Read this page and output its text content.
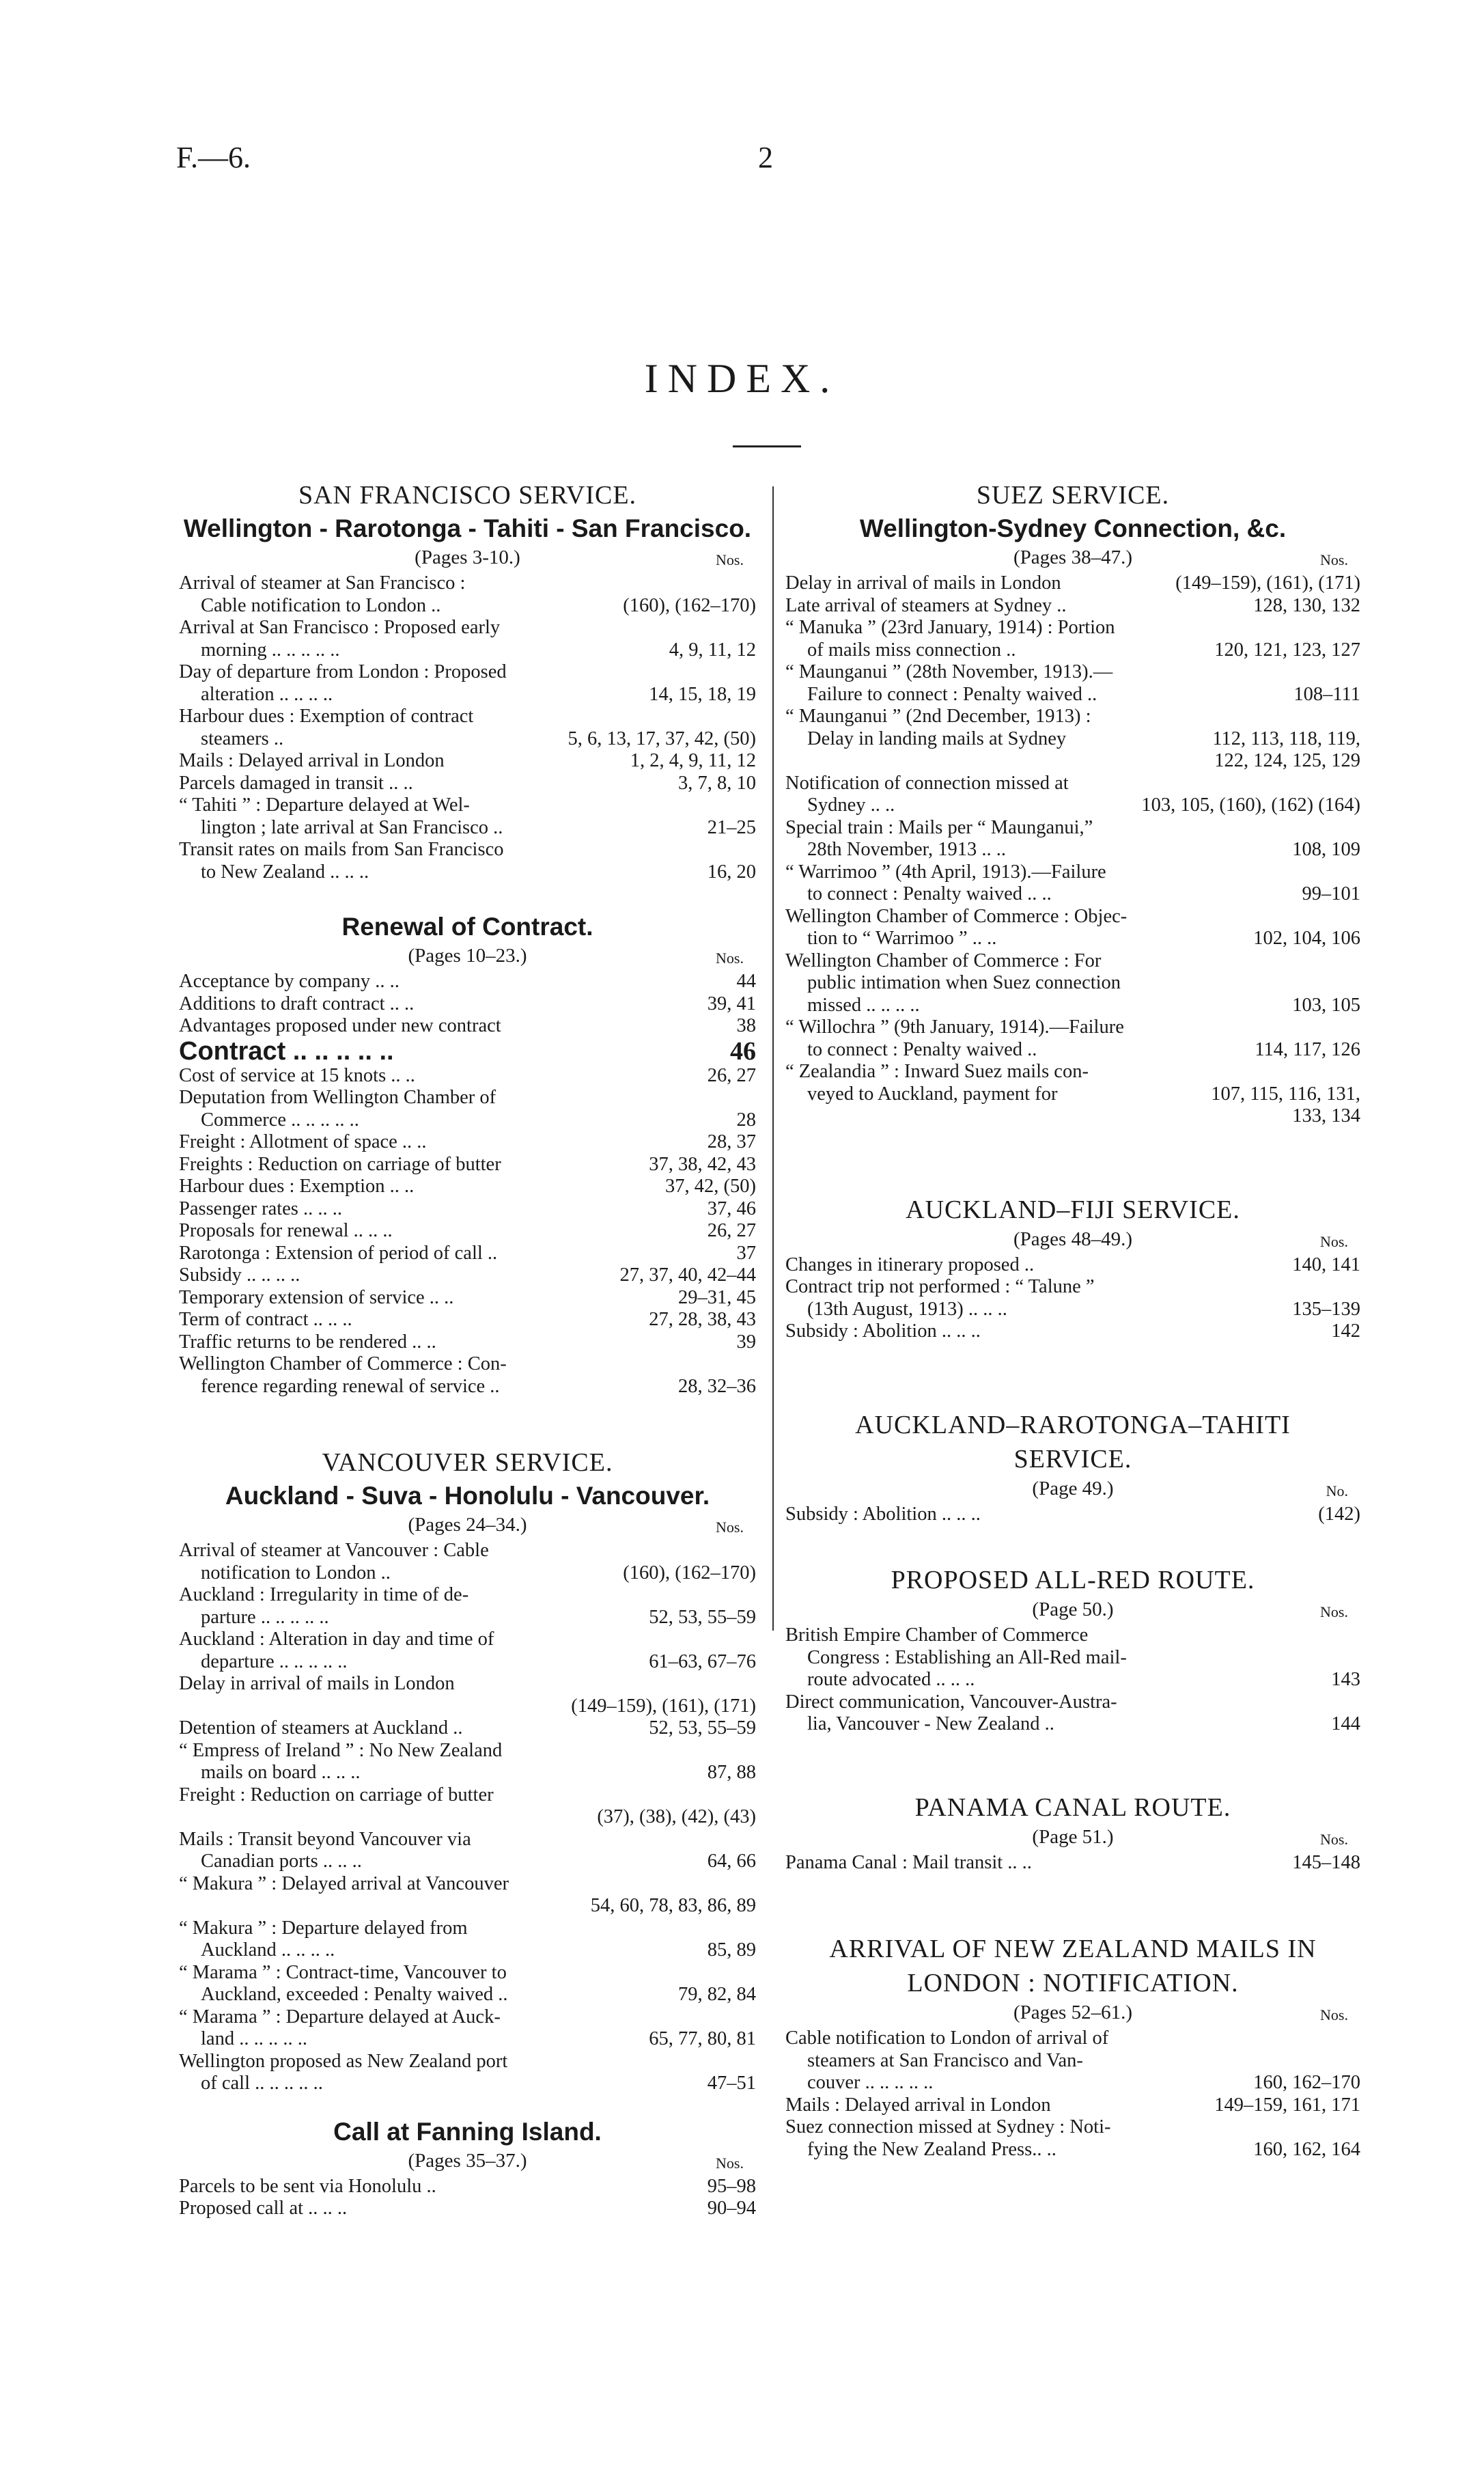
F.—6.	2
INDEX.
SAN FRANCISCO SERVICE.
Wellington - Rarotonga - Tahiti - San Francisco.
(Pages 3-10.)	Nos.
Arrival of steamer at San Francisco :
Cable notification to London ..	(160), (162–170)
Arrival at San Francisco : Proposed early
morning .. .. .. .. ..	4, 9, 11, 12
Day of departure from London : Proposed
alteration .. .. .. ..	14, 15, 18, 19
Harbour dues : Exemption of contract
steamers ..	5, 6, 13, 17, 37, 42, (50)
Mails : Delayed arrival in London	1, 2, 4, 9, 11, 12
Parcels damaged in transit .. ..	3, 7, 8, 10
“ Tahiti ” : Departure delayed at Wel-
lington ; late arrival at San Francisco ..	21–25
Transit rates on mails from San Francisco
to New Zealand .. .. ..	16, 20
Renewal of Contract.
(Pages 10–23.)	Nos.
Acceptance by company .. ..	44
Additions to draft contract .. ..	39, 41
Advantages proposed under new contract	38
Contract .. .. .. .. ..	46
Cost of service at 15 knots .. ..	26, 27
Deputation from Wellington Chamber of
Commerce .. .. .. .. ..	28
Freight : Allotment of space .. ..	28, 37
Freights : Reduction on carriage of butter	37, 38, 42, 43
Harbour dues : Exemption .. ..	37, 42, (50)
Passenger rates .. .. ..	37, 46
Proposals for renewal .. .. ..	26, 27
Rarotonga : Extension of period of call ..	37
Subsidy .. .. .. ..	27, 37, 40, 42–44
Temporary extension of service .. ..	29–31, 45
Term of contract .. .. ..	27, 28, 38, 43
Traffic returns to be rendered .. ..	39
Wellington Chamber of Commerce : Con-
ference regarding renewal of service ..	28, 32–36
VANCOUVER SERVICE.
Auckland - Suva - Honolulu - Vancouver.
(Pages 24–34.)	Nos.
Arrival of steamer at Vancouver : Cable
notification to London ..	(160), (162–170)
Auckland : Irregularity in time of de-
parture .. .. .. .. ..	52, 53, 55–59
Auckland : Alteration in day and time of
departure .. .. .. .. ..	61–63, 67–76
Delay in arrival of mails in London
(149–159), (161), (171)
Detention of steamers at Auckland ..	52, 53, 55–59
“ Empress of Ireland ” : No New Zealand
mails on board .. .. ..	87, 88
Freight : Reduction on carriage of butter
(37), (38), (42), (43)
Mails : Transit beyond Vancouver via
Canadian ports .. .. ..	64, 66
“ Makura ” : Delayed arrival at Vancouver
54, 60, 78, 83, 86, 89
“ Makura ” : Departure delayed from
Auckland .. .. .. ..	85, 89
“ Marama ” : Contract-time, Vancouver to
Auckland, exceeded : Penalty waived ..	79, 82, 84
“ Marama ” : Departure delayed at Auck-
land .. .. .. .. ..	65, 77, 80, 81
Wellington proposed as New Zealand port
of call .. .. .. .. ..	47–51
Call at Fanning Island.
(Pages 35–37.)	Nos.
Parcels to be sent via Honolulu ..	95–98
Proposed call at .. .. ..	90–94
SUEZ SERVICE.
Wellington-Sydney Connection, &c.
(Pages 38–47.)	Nos.
Delay in arrival of mails in London	(149–159), (161), (171)
Late arrival of steamers at Sydney ..	128, 130, 132
“ Manuka ” (23rd January, 1914) : Portion
of mails miss connection ..	120, 121, 123, 127
“ Maunganui ” (28th November, 1913).—
Failure to connect : Penalty waived ..	108–111
“ Maunganui ” (2nd December, 1913) :
Delay in landing mails at Sydney	112, 113, 118, 119,
122, 124, 125, 129
Notification of connection missed at
Sydney .. ..	103, 105, (160), (162) (164)
Special train : Mails per “ Maunganui,”
28th November, 1913 .. ..	108, 109
“ Warrimoo ” (4th April, 1913).—Failure
to connect : Penalty waived .. ..	99–101
Wellington Chamber of Commerce : Objec-
tion to “ Warrimoo ” .. ..	102, 104, 106
Wellington Chamber of Commerce : For
public intimation when Suez connection
missed .. .. .. ..	103, 105
“ Willochra ” (9th January, 1914).—Failure
to connect : Penalty waived ..	114, 117, 126
“ Zealandia ” : Inward Suez mails con-
veyed to Auckland, payment for	107, 115, 116, 131,
133, 134
AUCKLAND–FIJI SERVICE.
(Pages 48–49.)	Nos.
Changes in itinerary proposed ..	140, 141
Contract trip not performed : “ Talune ”
(13th August, 1913) .. .. ..	135–139
Subsidy : Abolition .. .. ..	142
AUCKLAND–RAROTONGA–TAHITI
SERVICE.
(Page 49.)	No.
Subsidy : Abolition .. .. ..	(142)
PROPOSED ALL-RED ROUTE.
(Page 50.)	Nos.
British Empire Chamber of Commerce
Congress : Establishing an All-Red mail-
route advocated .. .. ..	143
Direct communication, Vancouver-Austra-
lia, Vancouver - New Zealand ..	144
PANAMA CANAL ROUTE.
(Page 51.)	Nos.
Panama Canal : Mail transit .. ..	145–148
ARRIVAL OF NEW ZEALAND MAILS IN
LONDON : NOTIFICATION.
(Pages 52–61.)	Nos.
Cable notification to London of arrival of
steamers at San Francisco and Van-
couver .. .. .. .. ..	160, 162–170
Mails : Delayed arrival in London	149–159, 161, 171
Suez connection missed at Sydney : Noti-
fying the New Zealand Press.. ..	160, 162, 164
